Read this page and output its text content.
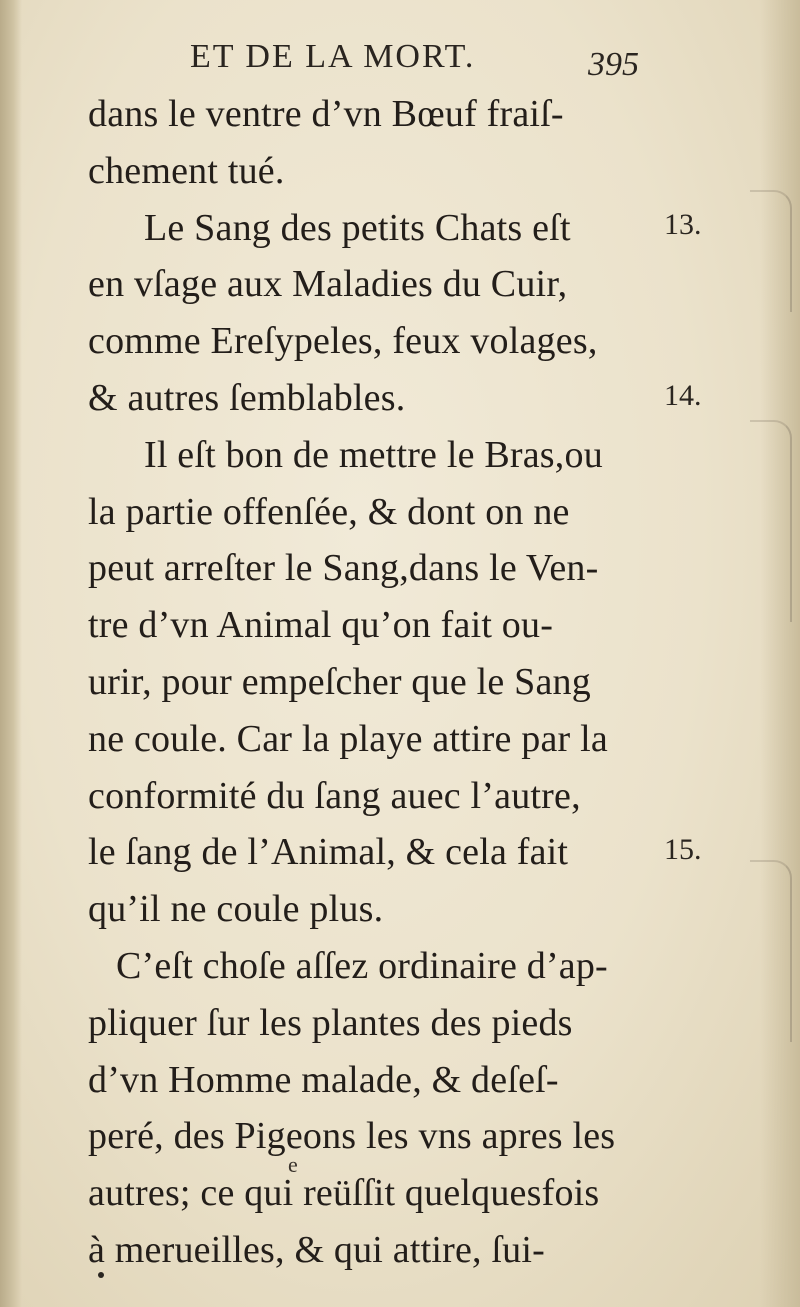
ET DE LA MORT.	395
dans le ventre d’vn Bœuf fraiſ-
chement tué.
Le Sang des petits Chats eſt
en vſage aux Maladies du Cuir,
comme Ereſypeles, feux volages,
& autres ſemblables.
Il eſt bon de mettre le Bras,ou
la partie offenſée, & dont on ne
peut arreſter le Sang,dans le Ven-
tre d’vn Animal qu’on fait ou-
urir, pour empeſcher que le Sang
ne coule. Car la playe attire par la
conformité du ſang auec l’autre,
le ſang de l’Animal, & cela fait
qu’il ne coule plus.
C’eſt choſe aſſez ordinaire d’ap-
pliquer ſur les plantes des pieds
d’vn Homme malade, & deſeſ-
peré, des Pigeons les vns apres les
autres; ce qui reüſſit quelquesfois
à merueilles, & qui attire, ſui-
13.
14.
15.
e
